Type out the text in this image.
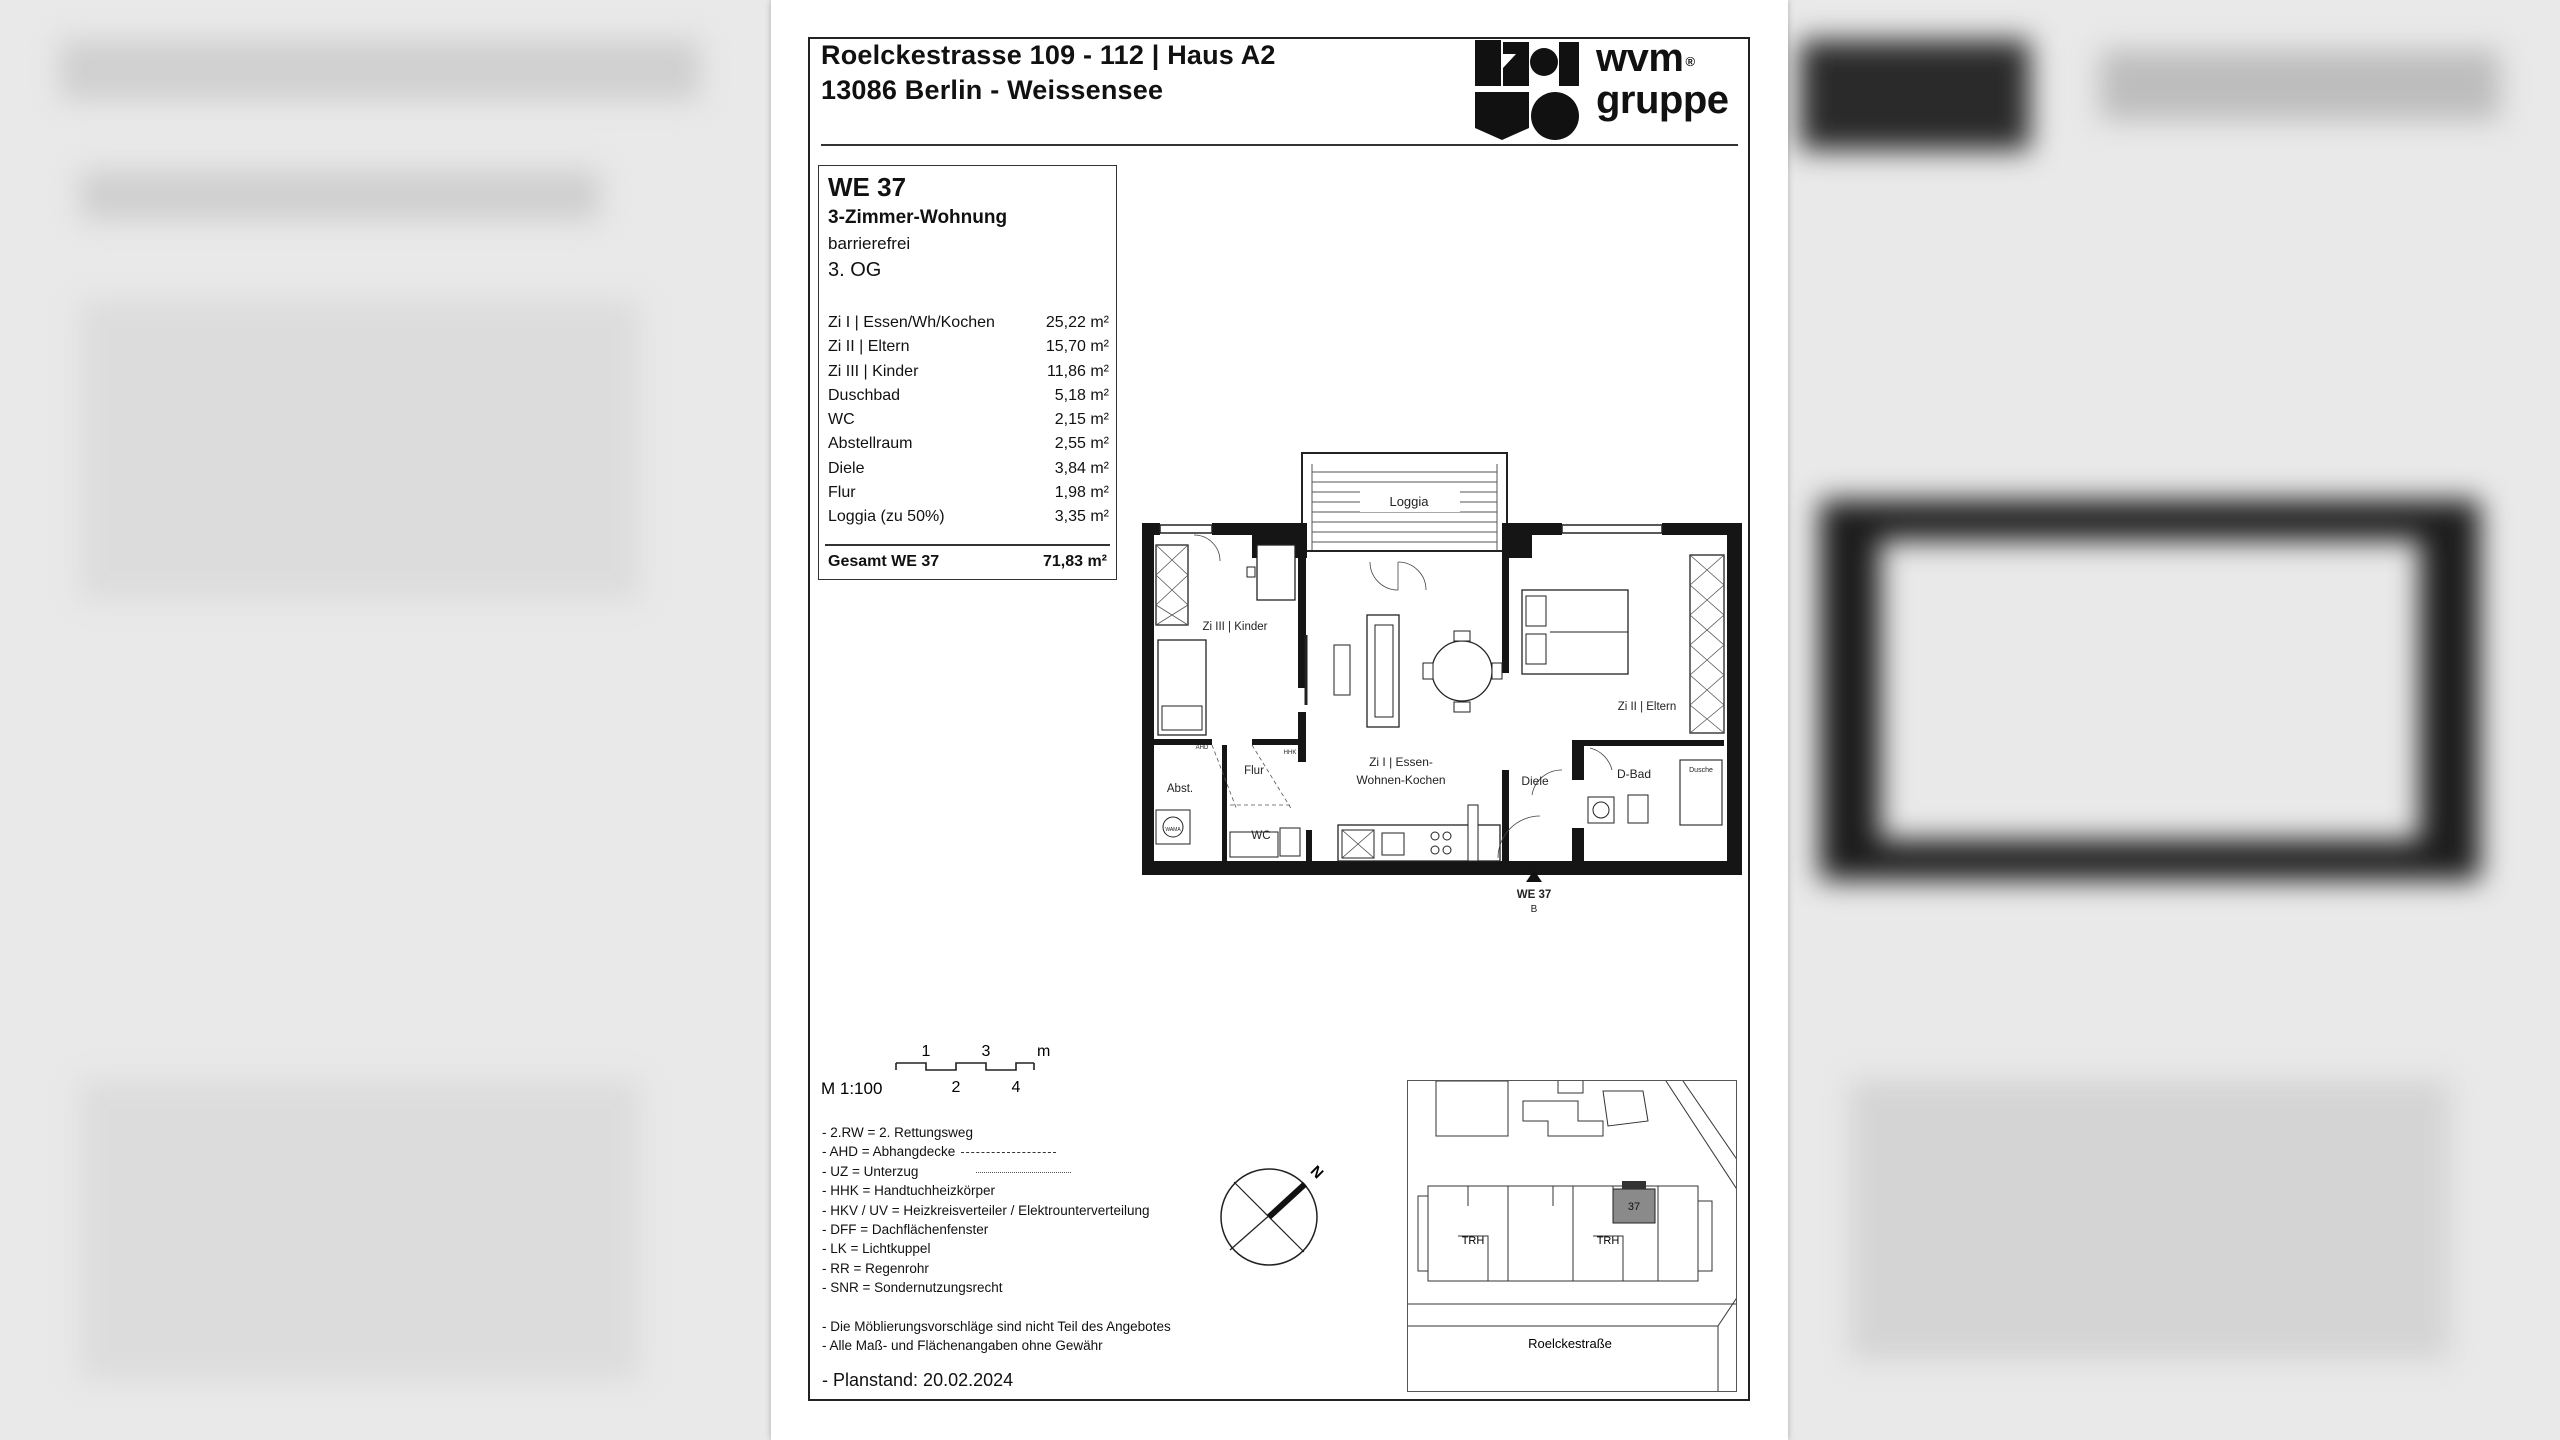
Roelckestrasse 109 - 112 | Haus A2
13086 Berlin - Weissensee
wvm ®
gruppe
WE 37
3-Zimmer-Wohnung
barrierefrei
3. OG
Zi I | Essen/Wh/Kochen	25,22 m²
Zi II | Eltern	15,70 m²
Zi III | Kinder	11,86 m²
Duschbad	5,18 m²
WC	2,15 m²
Abstellraum	2,55 m²
Diele	3,84 m²
Flur	1,98 m²
Loggia (zu 50%)	3,35 m²
Gesamt WE 37	71,83 m²
Loggia
Zi III | Kinder
Zi II | Eltern
Zi I | Essen-
Wohnen-Kochen	Diele
Flur	D-Bad	Dusche
Abst.
WC
AHD
HHK
WAMA
WE 37
B
M 1:100
1
2
3
4
m
- 2.RW = 2. Rettungsweg
- AHD = Abhangdecke
- UZ = Unterzug
- HHK = Handtuchheizkörper
- HKV / UV = Heizkreisverteiler / Elektrounterverteilung
- DFF = Dachflächenfenster
- LK = Lichtkuppel
- RR = Regenrohr
- SNR = Sondernutzungsrecht
- Die Möblierungsvorschläge sind nicht Teil des Angebotes
- Alle Maß- und Flächenangaben ohne Gewähr
- Planstand: 20.02.2024
N
37
TRH	TRH
Roelckestraße
